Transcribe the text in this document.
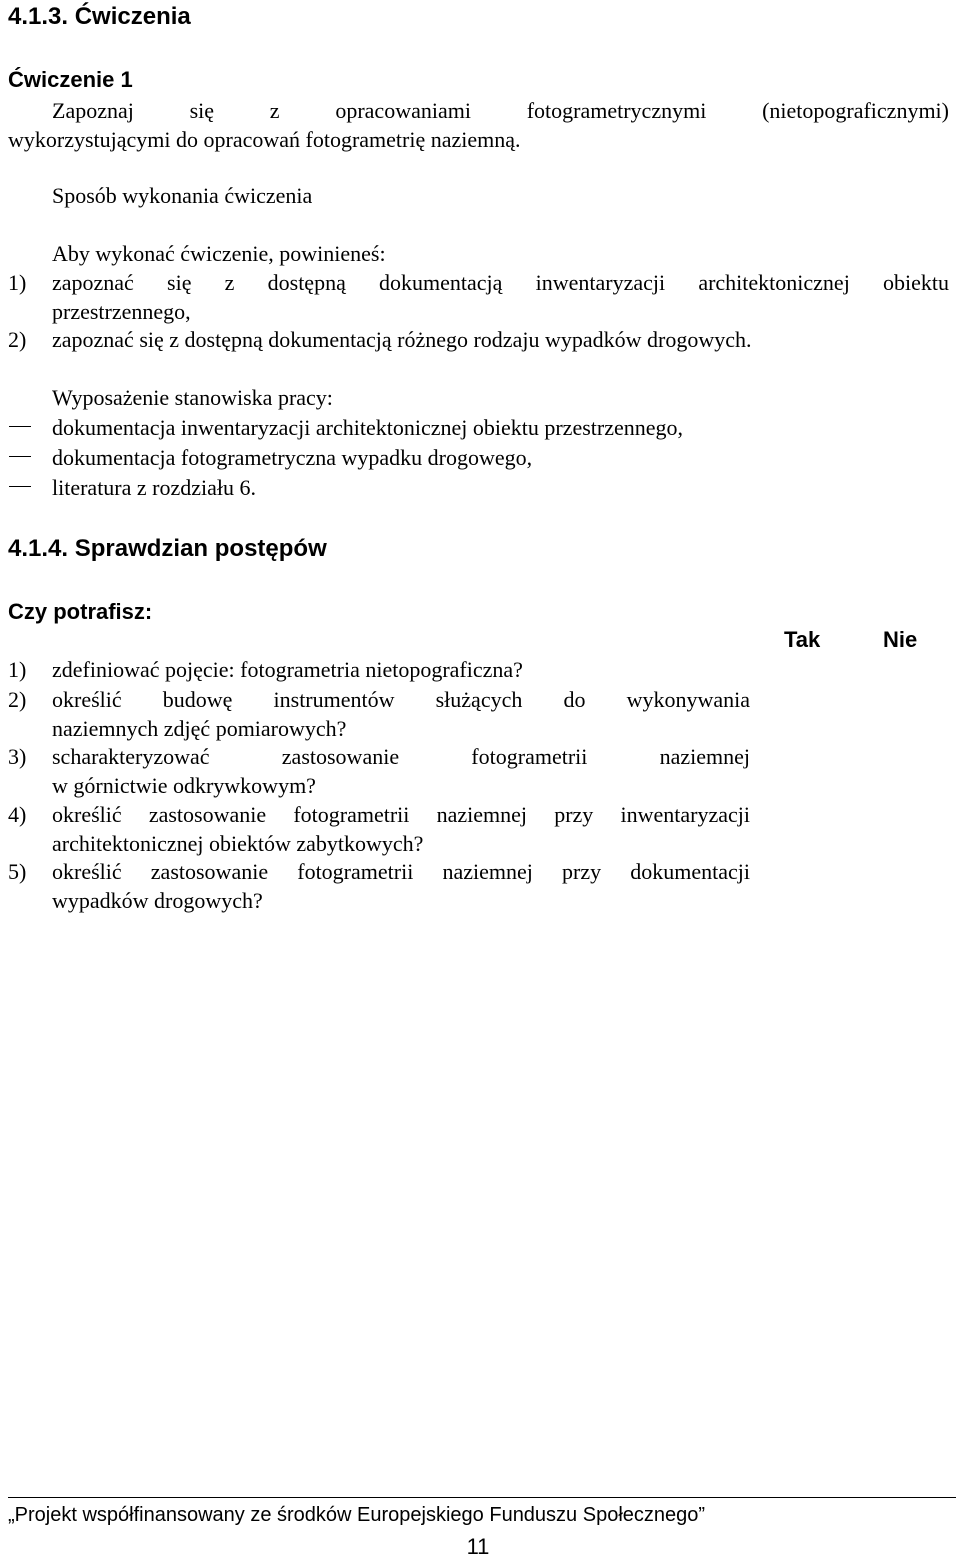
4.1.3. Ćwiczenia
Ćwiczenie 1
Zapoznaj się z opracowaniami fotogrametrycznymi (nietopograficznymi)
wykorzystującymi do opracowań fotogrametrię naziemną.
Sposób wykonania ćwiczenia
Aby wykonać ćwiczenie, powinieneś:
1) zapoznać się z dostępną dokumentacją inwentaryzacji architektonicznej obiektu
przestrzennego,
2) zapoznać się z dostępną dokumentacją różnego rodzaju wypadków drogowych.
Wyposażenie stanowiska pracy:
dokumentacja inwentaryzacji architektonicznej obiektu przestrzennego,
dokumentacja fotogrametryczna wypadku drogowego,
literatura z rozdziału 6.
4.1.4. Sprawdzian postępów
Czy potrafisz:
Tak	Nie
1) zdefiniować pojęcie: fotogrametria nietopograficzna?
2) określić budowę instrumentów służących do wykonywania
naziemnych zdjęć pomiarowych?
3) scharakteryzować zastosowanie fotogrametrii naziemnej
w górnictwie odkrywkowym?
4) określić zastosowanie fotogrametrii naziemnej przy inwentaryzacji
architektonicznej obiektów zabytkowych?
5) określić zastosowanie fotogrametrii naziemnej przy dokumentacji
wypadków drogowych?
„Projekt współfinansowany ze środków Europejskiego Funduszu Społecznego”
11
